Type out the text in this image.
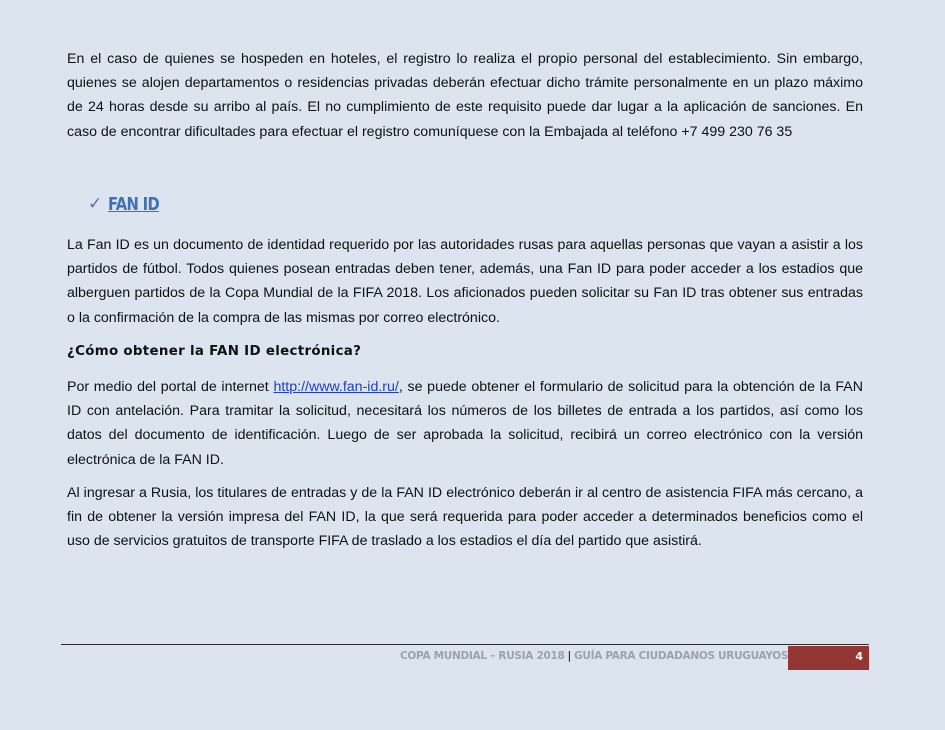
En el caso de quienes se hospeden en hoteles, el registro lo realiza el propio personal del establecimiento. Sin embargo, quienes se alojen departamentos o residencias privadas deberán efectuar dicho trámite personalmente en un plazo máximo de 24 horas desde su arribo al país. El no cumplimiento de este requisito puede dar lugar a la aplicación de sanciones. En caso de encontrar dificultades para efectuar el registro comuníquese con la Embajada al teléfono +7 499 230 76 35

✓ FAN ID

La Fan ID es un documento de identidad requerido por las autoridades rusas para aquellas personas que vayan a asistir a los partidos de fútbol. Todos quienes posean entradas deben tener, además, una Fan ID para poder acceder a los estadios que alberguen partidos de la Copa Mundial de la FIFA 2018. Los aficionados pueden solicitar su Fan ID tras obtener sus entradas o la confirmación de la compra de las mismas por correo electrónico.

¿Cómo obtener la FAN ID electrónica?

Por medio del portal de internet http://www.fan-id.ru/, se puede obtener el formulario de solicitud para la obtención de la FAN ID con antelación. Para tramitar la solicitud, necesitará los números de los billetes de entrada a los partidos, así como los datos del documento de identificación. Luego de ser aprobada la solicitud, recibirá un correo electrónico con la versión electrónica de la FAN ID.

Al ingresar a Rusia, los titulares de entradas y de la FAN ID electrónico deberán ir al centro de asistencia FIFA más cercano, a fin de obtener la versión impresa del FAN ID, la que será requerida para poder acceder a determinados beneficios como el uso de servicios gratuitos de transporte FIFA de traslado a los estadios el día del partido que asistirá.

COPA MUNDIAL – RUSIA 2018 | GUÍA PARA CIUDADANOS URUGUAYOS	4
